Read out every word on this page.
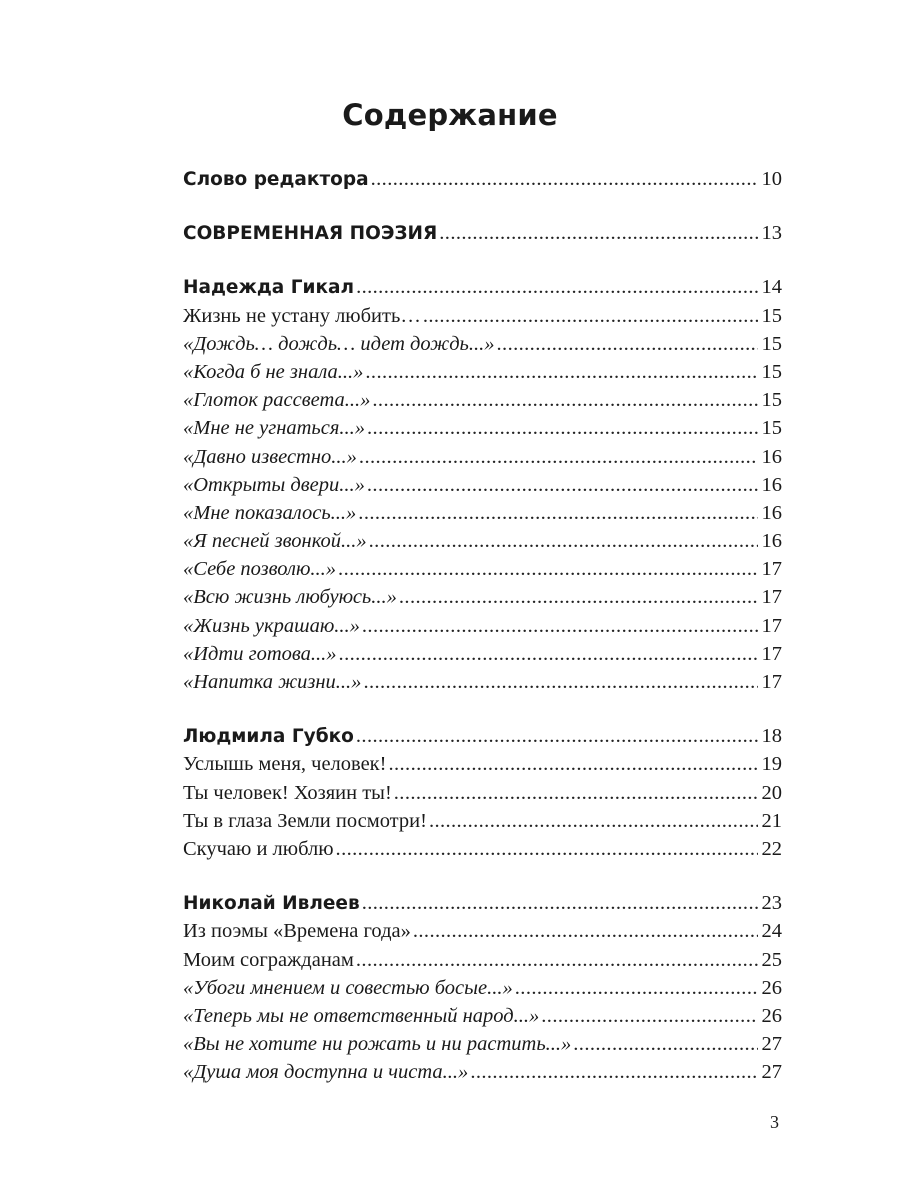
Содержание
Слово редактора .....	10
СОВРЕМЕННАЯ ПОЭЗИЯ .....	13
Надежда Гикал .....	14
Жизнь не устану любить… .....	15
«Дождь… дождь… идет дождь...» .....	15
«Когда б не знала...» .....	15
«Глоток рассвета...» .....	15
«Мне не угнаться...» .....	15
«Давно известно...» .....	16
«Открыты двери...» .....	16
«Мне показалось...» .....	16
«Я песней звонкой...» .....	16
«Себе позволю...» .....	17
«Всю жизнь любуюсь...» .....	17
«Жизнь украшаю...» .....	17
«Идти готова...» .....	17
«Напитка жизни...» .....	17
Людмила Губко .....	18
Услышь меня, человек! .....	19
Ты человек! Хозяин ты! .....	20
Ты в глаза Земли посмотри! .....	21
Скучаю и люблю .....	22
Николай Ивлеев .....	23
Из поэмы «Времена года» .....	24
Моим согражданам .....	25
«Убоги мнением и совестью босые...» .....	26
«Теперь мы не ответственный народ...» .....	26
«Вы не хотите ни рожать и ни растить...» .....	27
«Душа моя доступна и чиста...» .....	27
3
